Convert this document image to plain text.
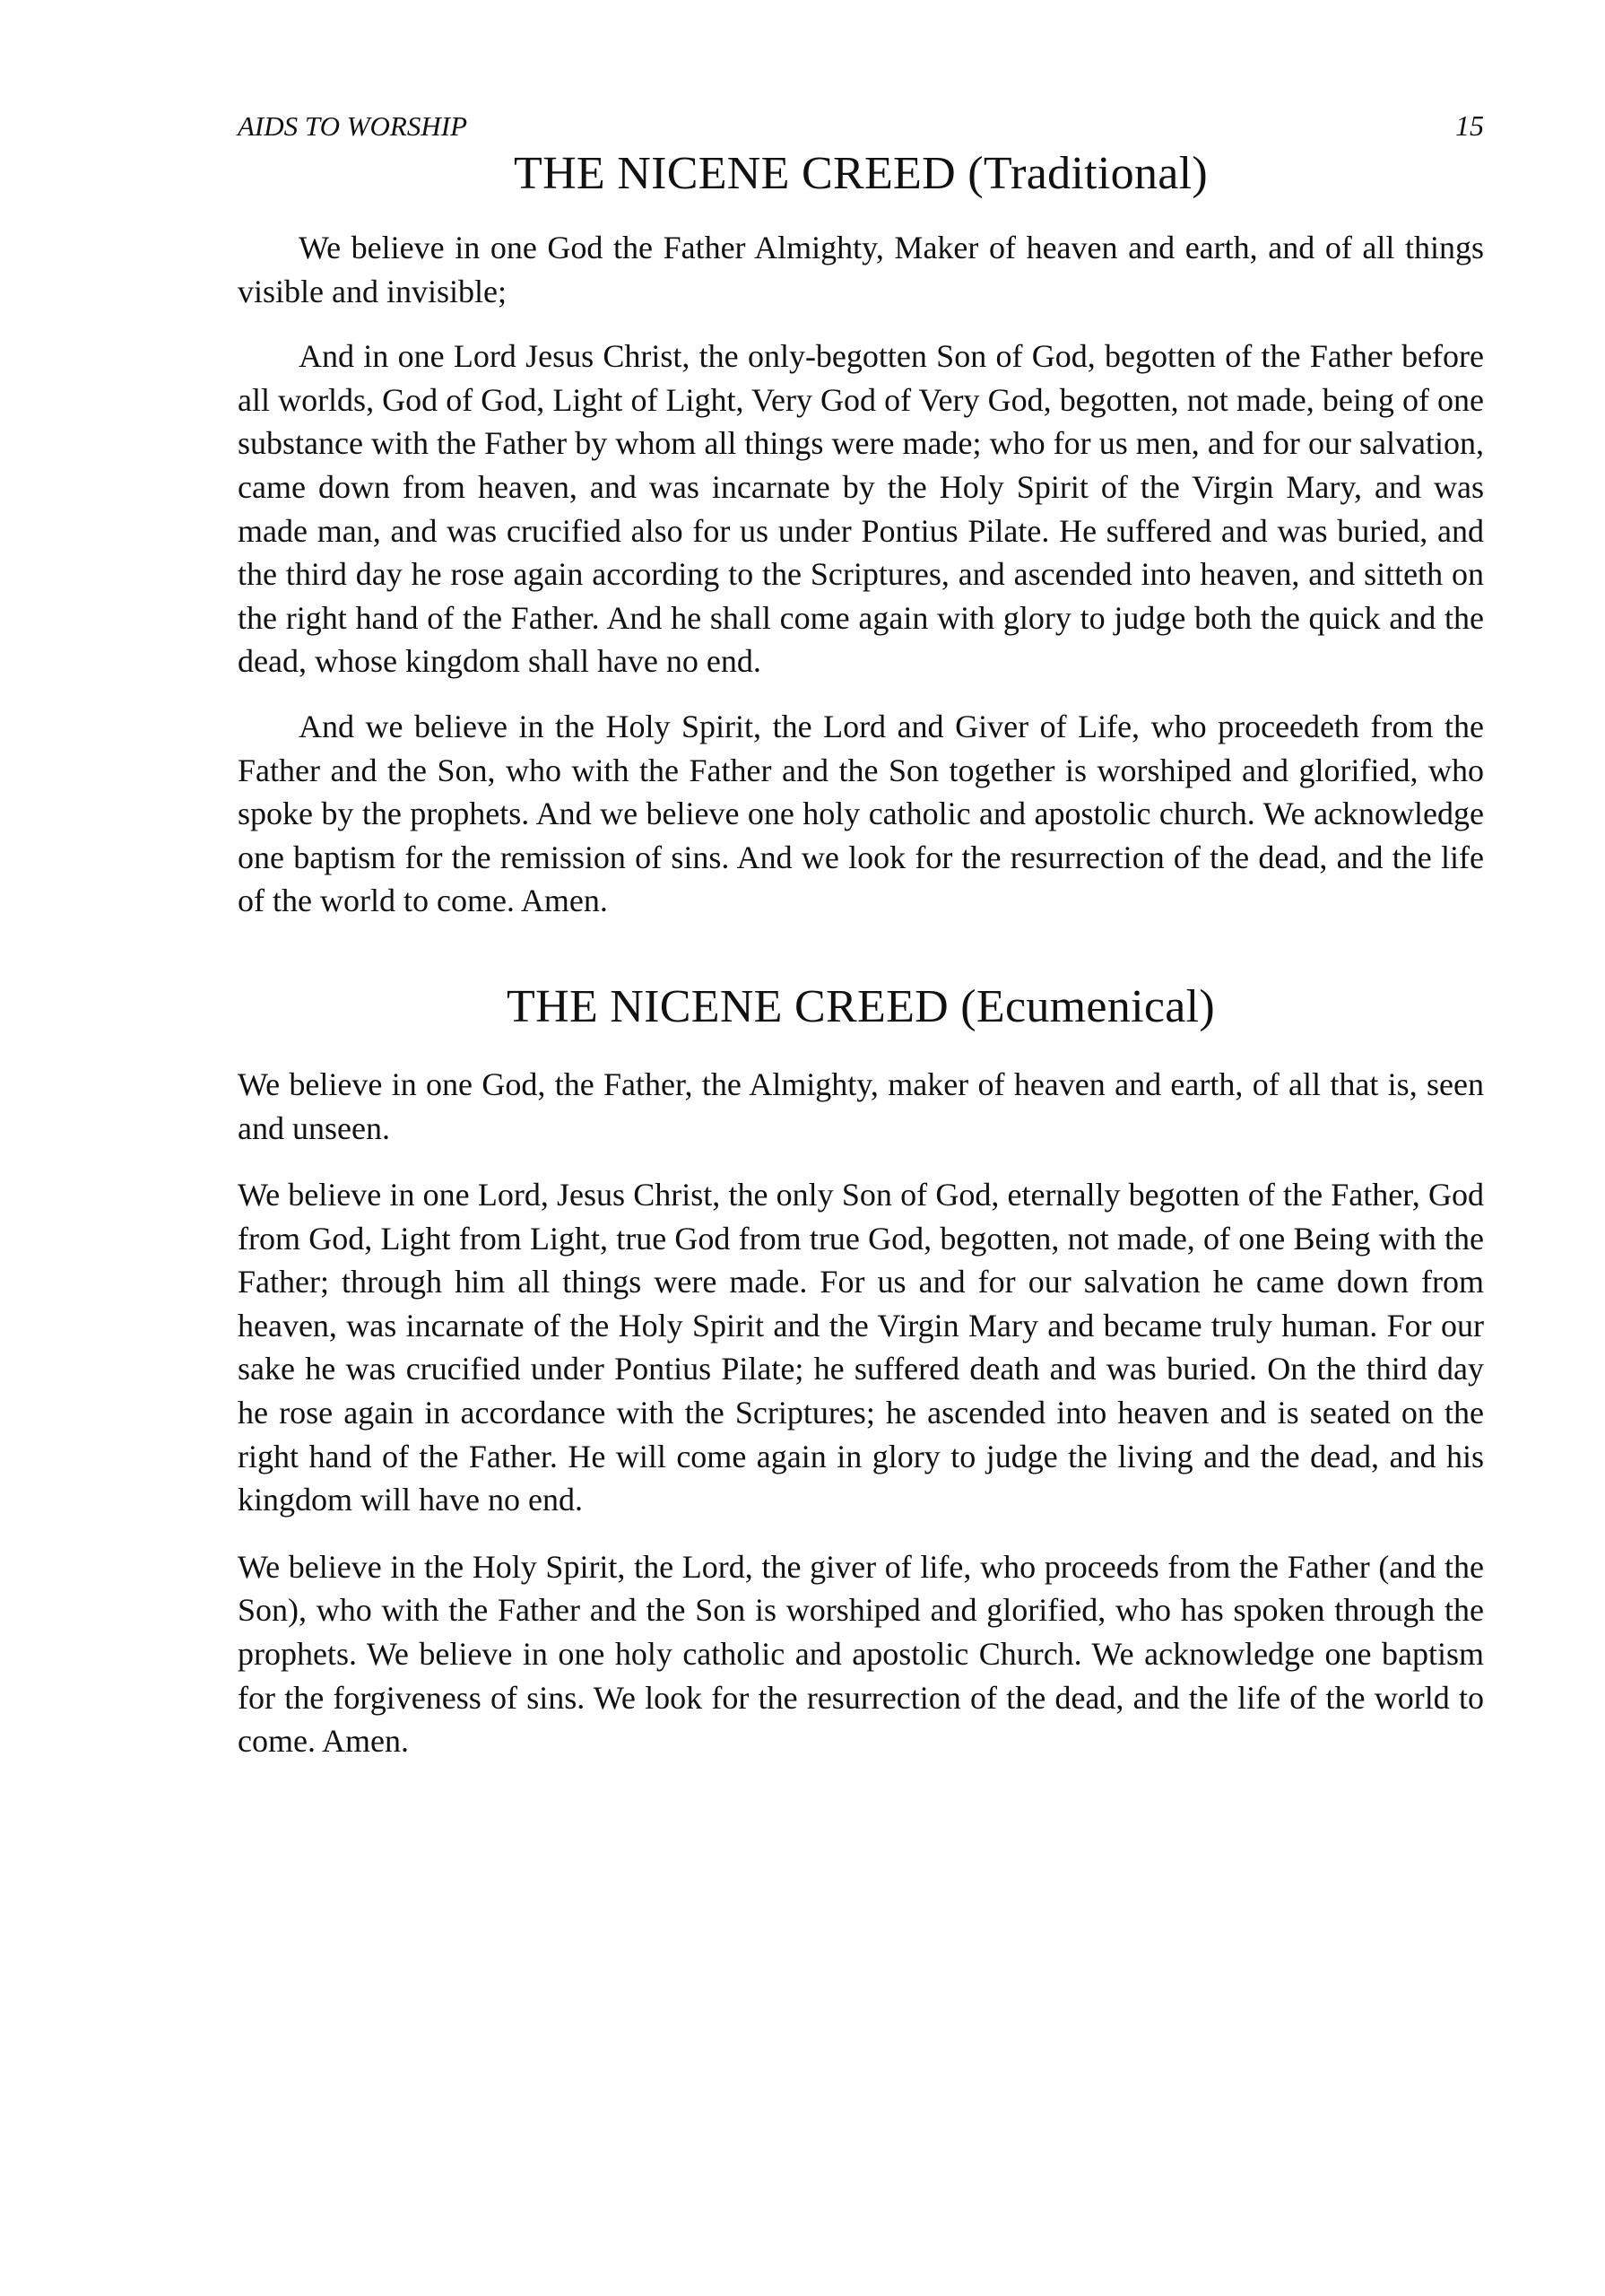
AIDS TO WORSHIP	15
THE NICENE CREED (Traditional)

We believe in one God the Father Almighty, Maker of heaven and earth, and of all things visible and invisible;

And in one Lord Jesus Christ, the only-begotten Son of God, begotten of the Father before all worlds, God of God, Light of Light, Very God of Very God, begotten, not made, being of one substance with the Father by whom all things were made; who for us men, and for our salvation, came down from heaven, and was incarnate by the Holy Spirit of the Virgin Mary, and was made man, and was crucified also for us under Pontius Pilate. He suffered and was buried, and the third day he rose again according to the Scriptures, and ascended into heaven, and sitteth on the right hand of the Father. And he shall come again with glory to judge both the quick and the dead, whose kingdom shall have no end.

And we believe in the Holy Spirit, the Lord and Giver of Life, who proceedeth from the Father and the Son, who with the Father and the Son together is worshiped and glorified, who spoke by the prophets. And we believe one holy catholic and apostolic church. We acknowledge one baptism for the remission of sins. And we look for the resurrection of the dead, and the life of the world to come. Amen.

THE NICENE CREED (Ecumenical)

We believe in one God, the Father, the Almighty, maker of heaven and earth, of all that is, seen and unseen.

We believe in one Lord, Jesus Christ, the only Son of God, eternally begotten of the Father, God from God, Light from Light, true God from true God, begotten, not made, of one Being with the Father; through him all things were made. For us and for our salvation he came down from heaven, was incarnate of the Holy Spirit and the Virgin Mary and became truly human. For our sake he was crucified under Pontius Pilate; he suffered death and was buried. On the third day he rose again in accordance with the Scriptures; he ascended into heaven and is seated on the right hand of the Father. He will come again in glory to judge the living and the dead, and his kingdom will have no end.

We believe in the Holy Spirit, the Lord, the giver of life, who proceeds from the Father (and the Son), who with the Father and the Son is worshiped and glorified, who has spoken through the prophets. We believe in one holy catholic and apostolic Church. We acknowledge one baptism for the forgiveness of sins. We look for the resurrection of the dead, and the life of the world to come. Amen.
